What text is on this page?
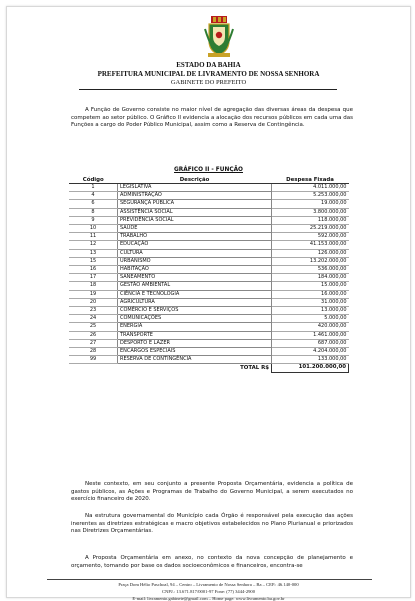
ESTADO DA BAHIA
PREFEITURA MUNICIPAL DE LIVRAMENTO DE NOSSA SENHORA
GABINETE DO PREFEITO
A Função de Governo consiste no maior nível de agregação das diversas áreas da despesa que competem ao setor público. O Gráfico II evidencia a alocação dos recursos públicos em cada uma das Funções a cargo do Poder Público Municipal, assim como a Reserva de Contingência.
GRÁFICO II - FUNÇÃO
Código	Descrição	Despesa Fixada
1	LEGISLATIVA	4.011.000,00
4	ADMINISTRAÇÃO	5.253.000,00
6	SEGURANÇA PÚBLICA	19.000,00
8	ASSISTÊNCIA SOCIAL	3.800.000,00
9	PREVIDÊNCIA SOCIAL	118.000,00
10	SAÚDE	25.219.000,00
11	TRABALHO	592.000,00
12	EDUCAÇÃO	41.153.000,00
13	CULTURA	126.000,00
15	URBANISMO	13.202.000,00
16	HABITAÇÃO	536.000,00
17	SANEAMENTO	184.000,00
18	GESTÃO AMBIENTAL	15.000,00
19	CIÊNCIA E TECNOLOGIA	16.000,00
20	AGRICULTURA	31.000,00
23	COMÉRCIO E SERVIÇOS	13.000,00
24	COMUNICAÇÕES	5.000,00
25	ENERGIA	420.000,00
26	TRANSPORTE	1.461.000,00
27	DESPORTO E LAZER	687.000,00
28	ENCARGOS ESPECIAIS	4.204.000,00
99	RESERVA DE CONTINGÊNCIA	133.000,00
	TOTAL R$	101.200.000,00
Neste contexto, em seu conjunto a presente Proposta Orçamentária, evidencia a política de gastos públicos, as Ações e Programas de Trabalho do Governo Municipal, a serem executados no exercício financeiro de 2020.
Na estrutura governamental do Município cada Órgão é responsável pela execução das ações inerentes as diretrizes estratégicas e macro objetivos estabelecidos no Plano Plurianual e priorizados nas Diretrizes Orçamentárias.
A Proposta Orçamentária em anexo, no contexto da nova concepção de planejamento e orçamento, tomando por base os dados socioeconômicos e financeiros, encontra-se
Praça Dom Hélio Paschoal, 94 – Centro – Livramento de Nossa Senhora – Ba – CEP.: 46.140-000
CNPJ.: 13.671.817/0001-97 Fone: (77) 3444-2900
E-mail: livramento.gabinete@gmail.com – Home page: www.livramento.ba.gov.br
